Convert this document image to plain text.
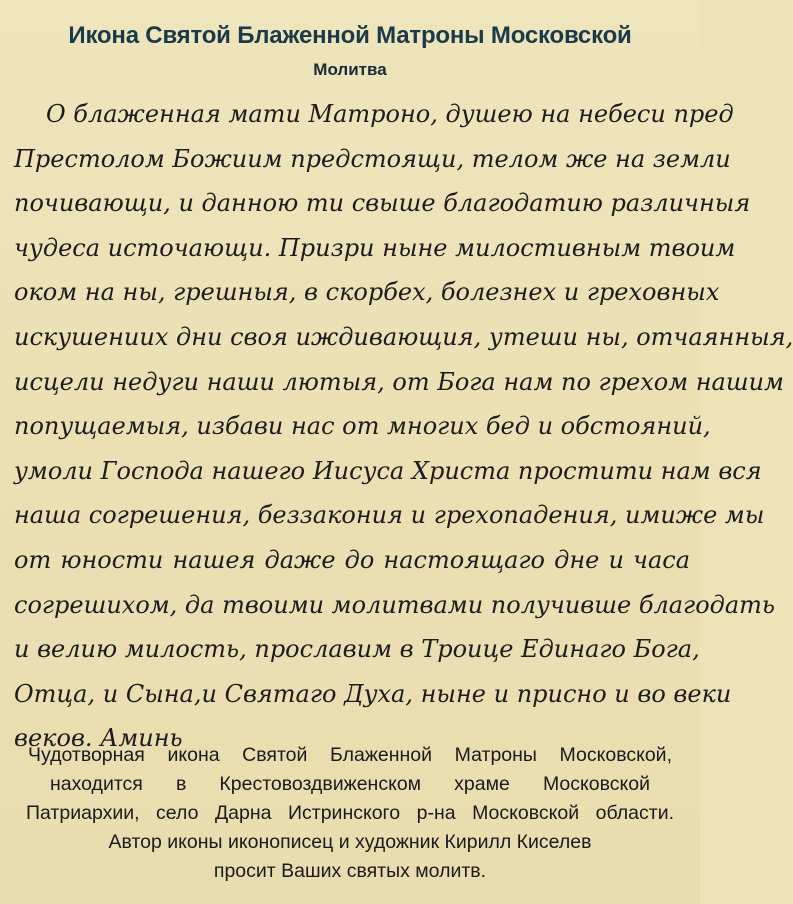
Икона Святой Блаженной Матроны Московской
Молитва
О блаженная мати Матроно, душею на небеси пред
Престолом Божиим предстоящи, телом же на земли
почивающи, и данною ти свыше благодатию различныя
чудеса источающи. Призри ныне милостивным твоим
оком на ны, грешныя, в скорбех, болезнех и греховных
искушениих дни своя иждивающия, утеши ны, отчаянныя,
исцели недуги наши лютыя, от Бога нам по грехом нашим
попущаемыя, избави нас от многих бед и обстояний,
умоли Господа нашего Иисуса Христа простити нам вся
наша согрешения, беззакония и грехопадения, имиже мы
от юности нашея даже до настоящаго дне и часа
согрешихом, да твоими молитвами получивше благодать
и велию милость, прославим в Троице Единаго Бога,
Отца, и Сына,и Святаго Духа, ныне и присно и во веки
веков. Аминь
Чудотворная икона Святой Блаженной Матроны Московской,
находится в Крестовоздвиженском храме Московской
Патриархии, село Дарна Истринского р-на Московской области.
Автор иконы иконописец и художник Кирилл Киселев
просит Ваших святых молитв.
